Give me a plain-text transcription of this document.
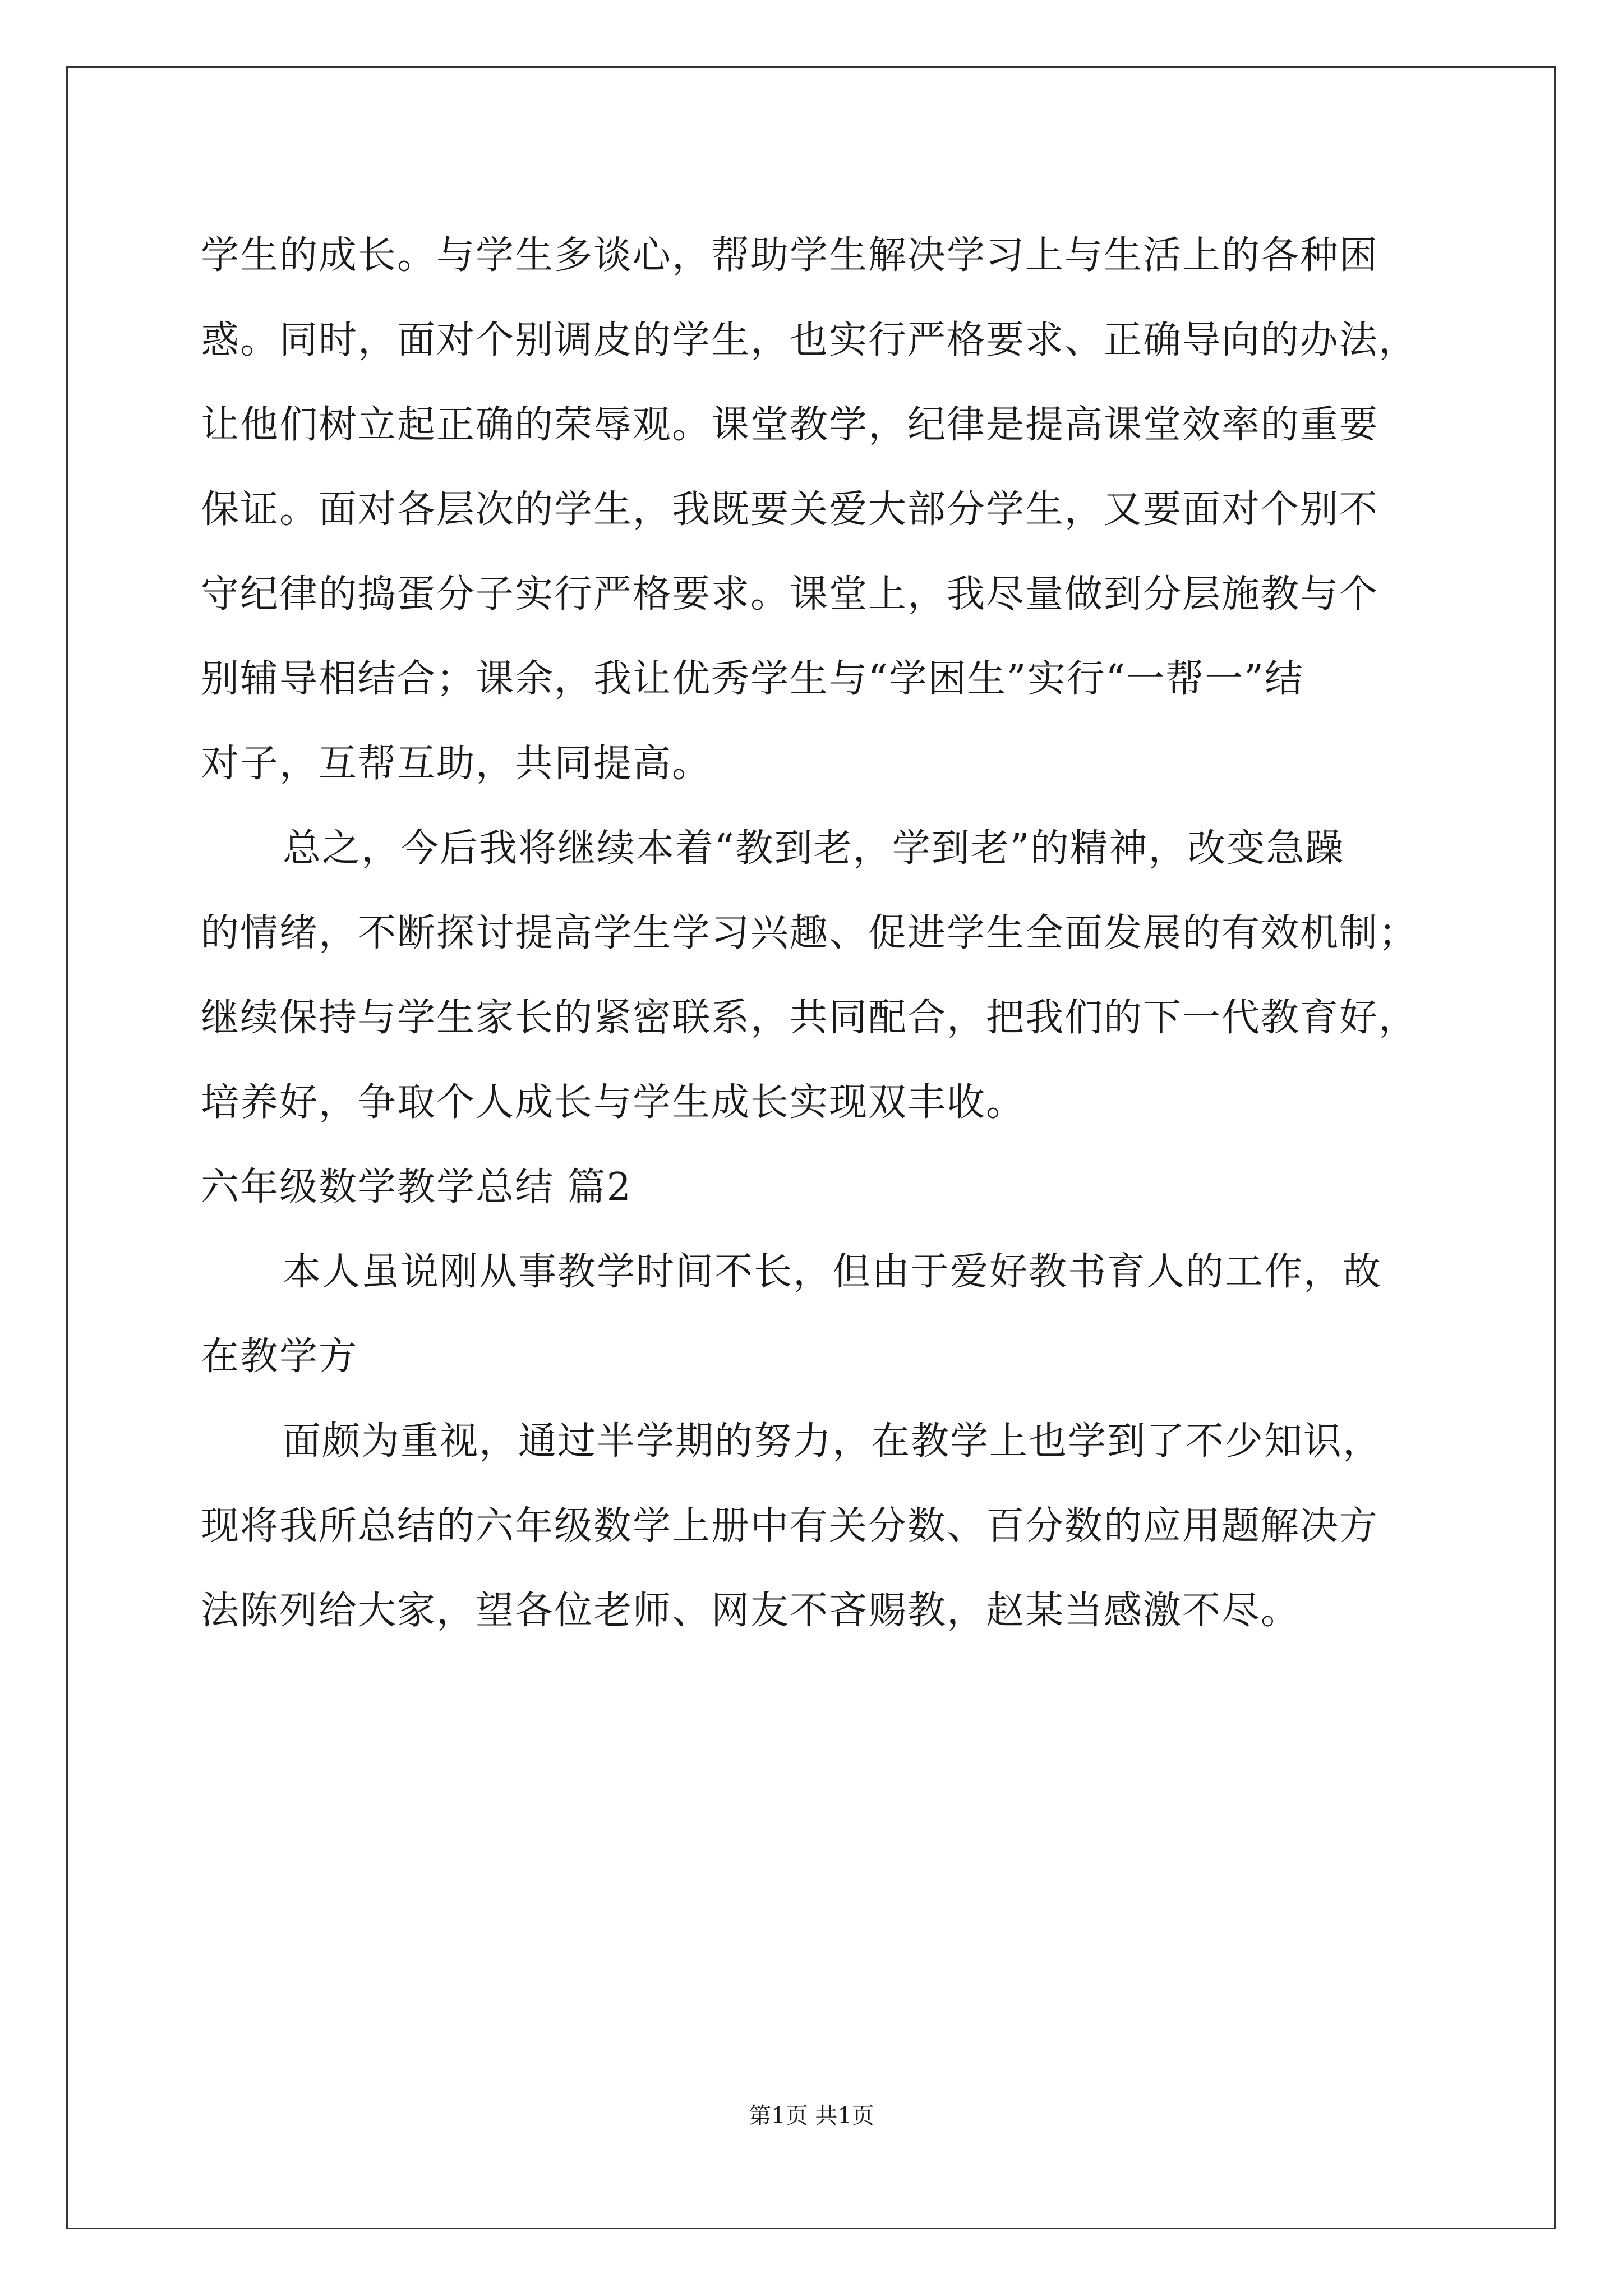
学生的成长。与学生多谈心，帮助学生解决学习上与生活上的各种困
惑。同时，面对个别调皮的学生，也实行严格要求、正确导向的办法，
让他们树立起正确的荣辱观。课堂教学，纪律是提高课堂效率的重要
保证。面对各层次的学生，我既要关爱大部分学生，又要面对个别不
守纪律的捣蛋分子实行严格要求。课堂上，我尽量做到分层施教与个
别辅导相结合；课余，我让优秀学生与“学困生”实行“一帮一”结
对子，互帮互助，共同提高。
总之，今后我将继续本着“教到老，学到老”的精神，改变急躁
的情绪，不断探讨提高学生学习兴趣、促进学生全面发展的有效机制；
继续保持与学生家长的紧密联系，共同配合，把我们的下一代教育好，
培养好，争取个人成长与学生成长实现双丰收。
六年级数学教学总结 篇2
本人虽说刚从事教学时间不长，但由于爱好教书育人的工作，故
在教学方
面颇为重视，通过半学期的努力，在教学上也学到了不少知识，
现将我所总结的六年级数学上册中有关分数、百分数的应用题解决方
法陈列给大家，望各位老师、网友不吝赐教，赵某当感激不尽。
第1页 共1页
